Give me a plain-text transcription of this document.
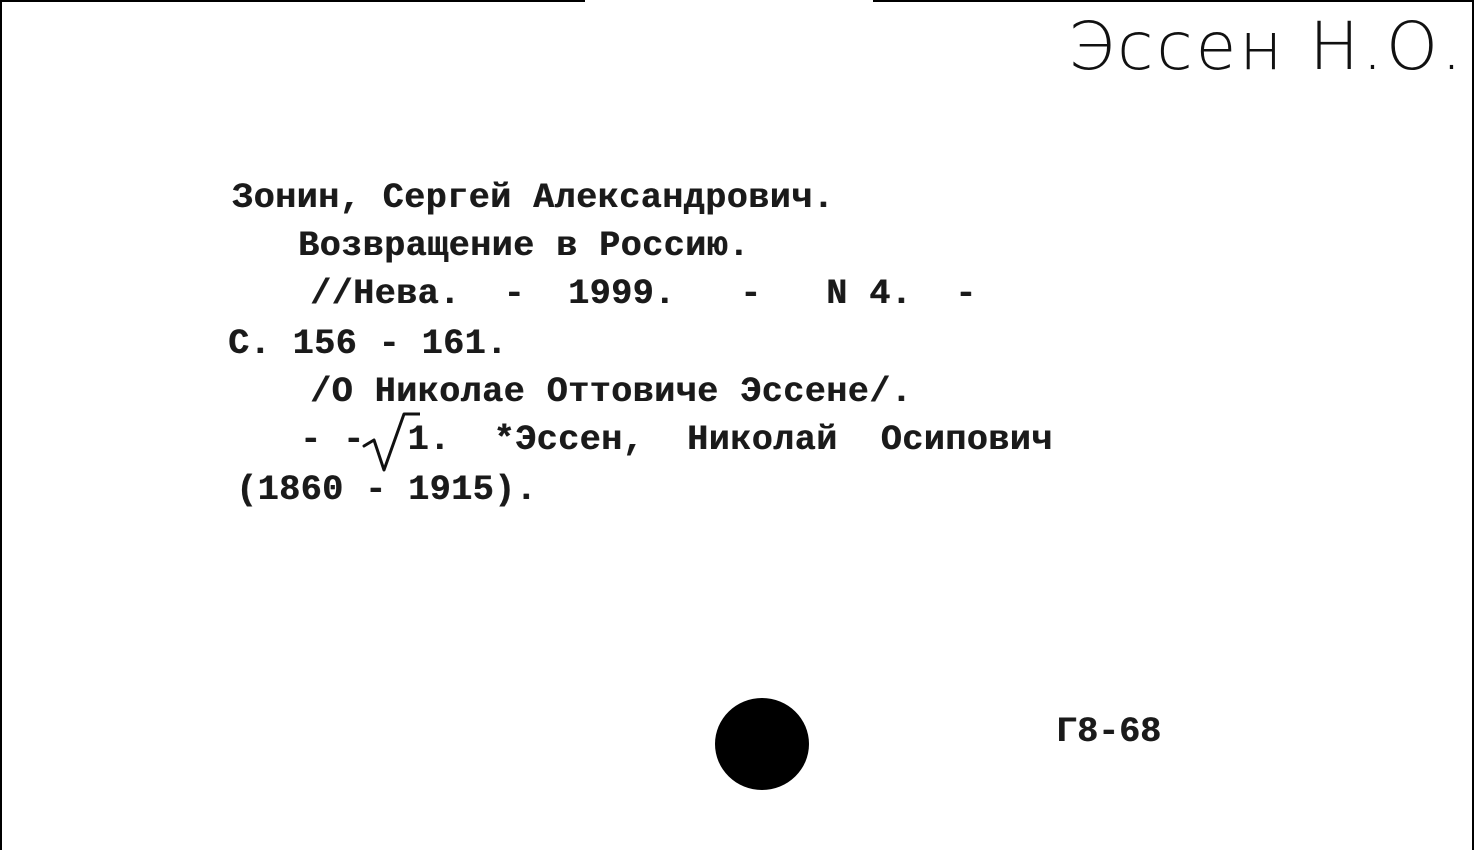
Эссен Н.О.
Зонин, Сергей Александрович.
Возвращение в Россию.
//Нева.  -  1999.   -   N 4.  -
С. 156 - 161.
/О Николае Оттовиче Эссене/.
- -  1.  *Эссен,  Николай  Осипович
(1860 - 1915).
Г8-68
